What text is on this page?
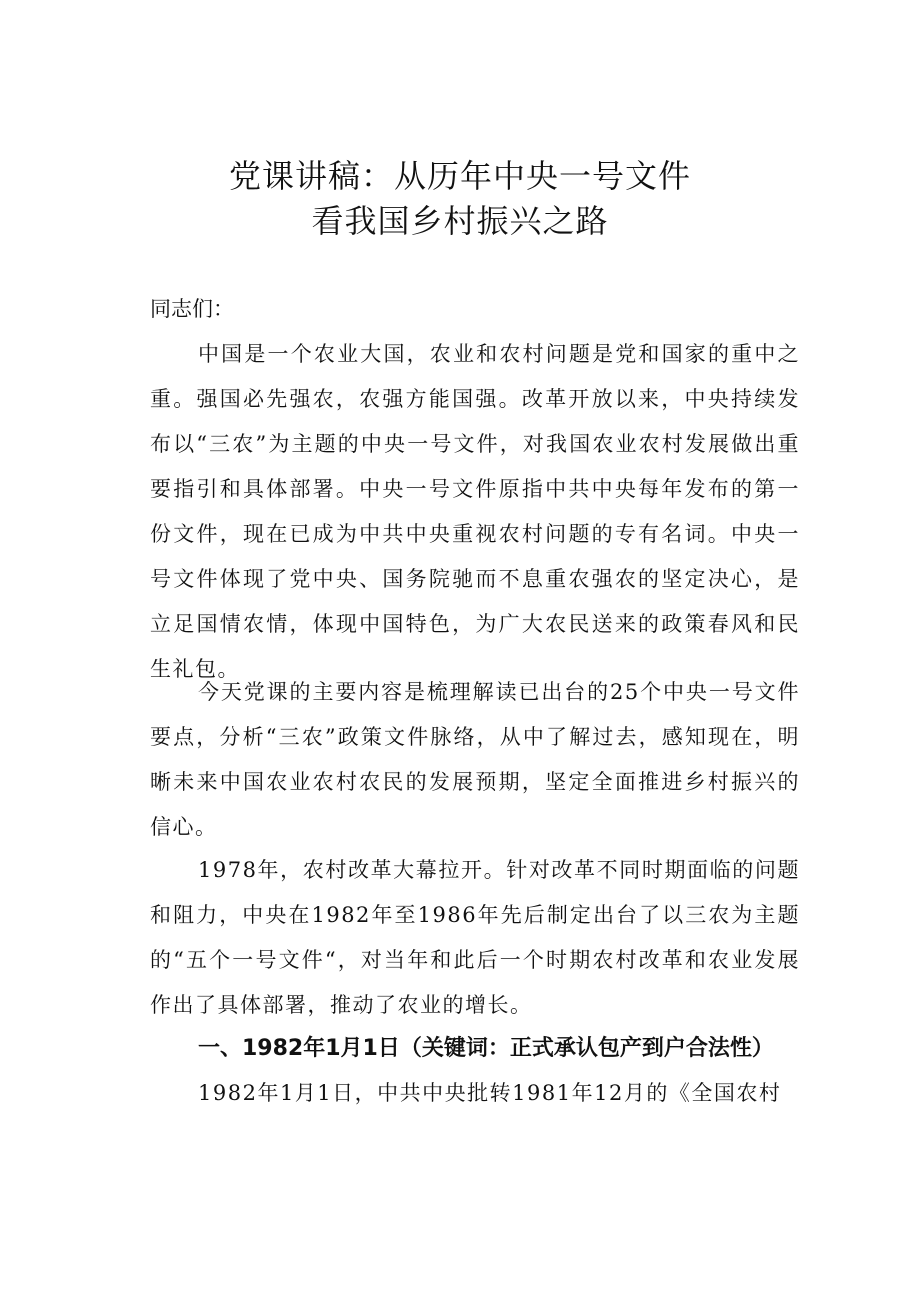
党课讲稿：从历年中央一号文件
看我国乡村振兴之路
同志们：

中国是一个农业大国，农业和农村问题是党和国家的重中之重。强国必先强农，农强方能国强。改革开放以来，中央持续发布以“三农”为主题的中央一号文件，对我国农业农村发展做出重要指引和具体部署。中央一号文件原指中共中央每年发布的第一份文件，现在已成为中共中央重视农村问题的专有名词。中央一号文件体现了党中央、国务院驰而不息重农强农的坚定决心，是立足国情农情，体现中国特色，为广大农民送来的政策春风和民生礼包。

今天党课的主要内容是梳理解读已出台的25个中央一号文件要点，分析“三农”政策文件脉络，从中了解过去，感知现在，明晰未来中国农业农村农民的发展预期，坚定全面推进乡村振兴的信心。

1978年，农村改革大幕拉开。针对改革不同时期面临的问题和阻力，中央在1982年至1986年先后制定出台了以三农为主题的“五个一号文件“，对当年和此后一个时期农村改革和农业发展作出了具体部署，推动了农业的增长。

一、1982年1月1日（关键词：正式承认包产到户合法性）

1982年1月1日，中共中央批转1981年12月的《全国农村
